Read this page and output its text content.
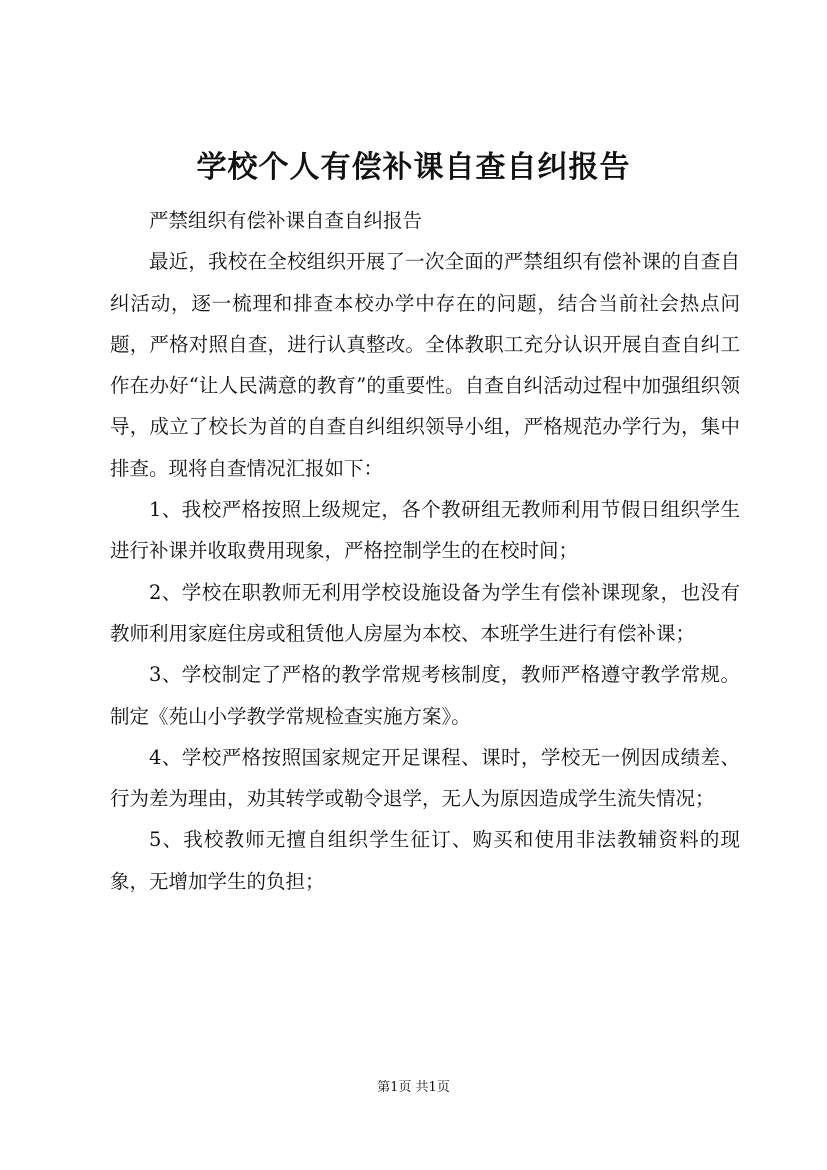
学校个人有偿补课自查自纠报告

严禁组织有偿补课自查自纠报告

最近，我校在全校组织开展了一次全面的严禁组织有偿补课的自查自纠活动，逐一梳理和排查本校办学中存在的问题，结合当前社会热点问题，严格对照自查，进行认真整改。全体教职工充分认识开展自查自纠工作在办好“让人民满意的教育”的重要性。自查自纠活动过程中加强组织领导，成立了校长为首的自查自纠组织领导小组，严格规范办学行为，集中排查。现将自查情况汇报如下：

1、我校严格按照上级规定，各个教研组无教师利用节假日组织学生进行补课并收取费用现象，严格控制学生的在校时间；

2、学校在职教师无利用学校设施设备为学生有偿补课现象，也没有教师利用家庭住房或租赁他人房屋为本校、本班学生进行有偿补课；

3、学校制定了严格的教学常规考核制度，教师严格遵守教学常规。制定《苑山小学教学常规检查实施方案》。

4、学校严格按照国家规定开足课程、课时，学校无一例因成绩差、行为差为理由，劝其转学或勒令退学，无人为原因造成学生流失情况；

5、我校教师无擅自组织学生征订、购买和使用非法教辅资料的现象，无增加学生的负担；

第1页 共1页
